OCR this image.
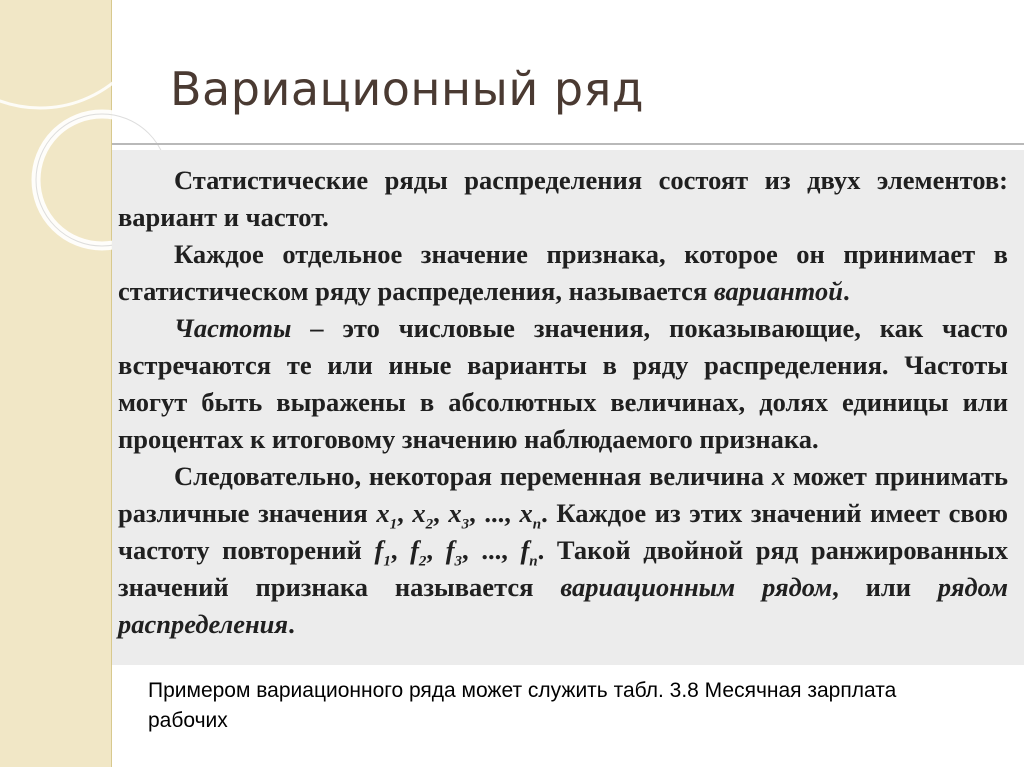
Вариационный ряд

Статистические ряды распределения состоят из двух элементов: вариант и частот.

Каждое отдельное значение признака, которое он принимает в статистическом ряду распределения, называется вариантой.

Частоты – это числовые значения, показывающие, как часто встречаются те или иные варианты в ряду распределения. Частоты могут быть выражены в абсолютных величинах, долях единицы или процентах к итоговому значению наблюдаемого признака.

Следовательно, некоторая переменная величина x может принимать различные значения $x_1$, $x_2$, $x_3$, ..., $x_n$. Каждое из этих значений имеет свою частоту повторений $f_1$, $f_2$, $f_3$, ..., $f_n$. Такой двойной ряд ранжированных значений признака называется вариационным рядом, или рядом распределения.

Примером вариационного ряда может служить табл. 3.8 Месячная зарплата рабочих
